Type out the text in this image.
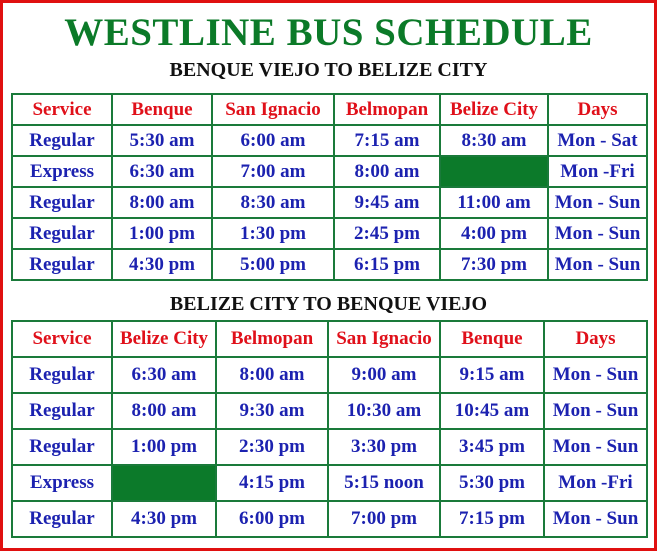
WESTLINE BUS SCHEDULE
BENQUE VIEJO TO BELIZE CITY
Service	Benque	San Ignacio	Belmopan	Belize City	Days
Regular	5:30 am	6:00 am	7:15 am	8:30 am	Mon - Sat
Express	6:30 am	7:00 am	8:00 am		Mon -Fri
Regular	8:00 am	8:30 am	9:45 am	11:00 am	Mon - Sun
Regular	1:00 pm	1:30 pm	2:45 pm	4:00 pm	Mon - Sun
Regular	4:30 pm	5:00 pm	6:15 pm	7:30 pm	Mon - Sun
BELIZE CITY TO BENQUE VIEJO
Service	Belize City	Belmopan	San Ignacio	Benque	Days
Regular	6:30 am	8:00 am	9:00 am	9:15 am	Mon - Sun
Regular	8:00 am	9:30 am	10:30 am	10:45 am	Mon - Sun
Regular	1:00 pm	2:30 pm	3:30 pm	3:45 pm	Mon - Sun
Express		4:15 pm	5:15 noon	5:30 pm	Mon -Fri
Regular	4:30 pm	6:00 pm	7:00 pm	7:15 pm	Mon - Sun
